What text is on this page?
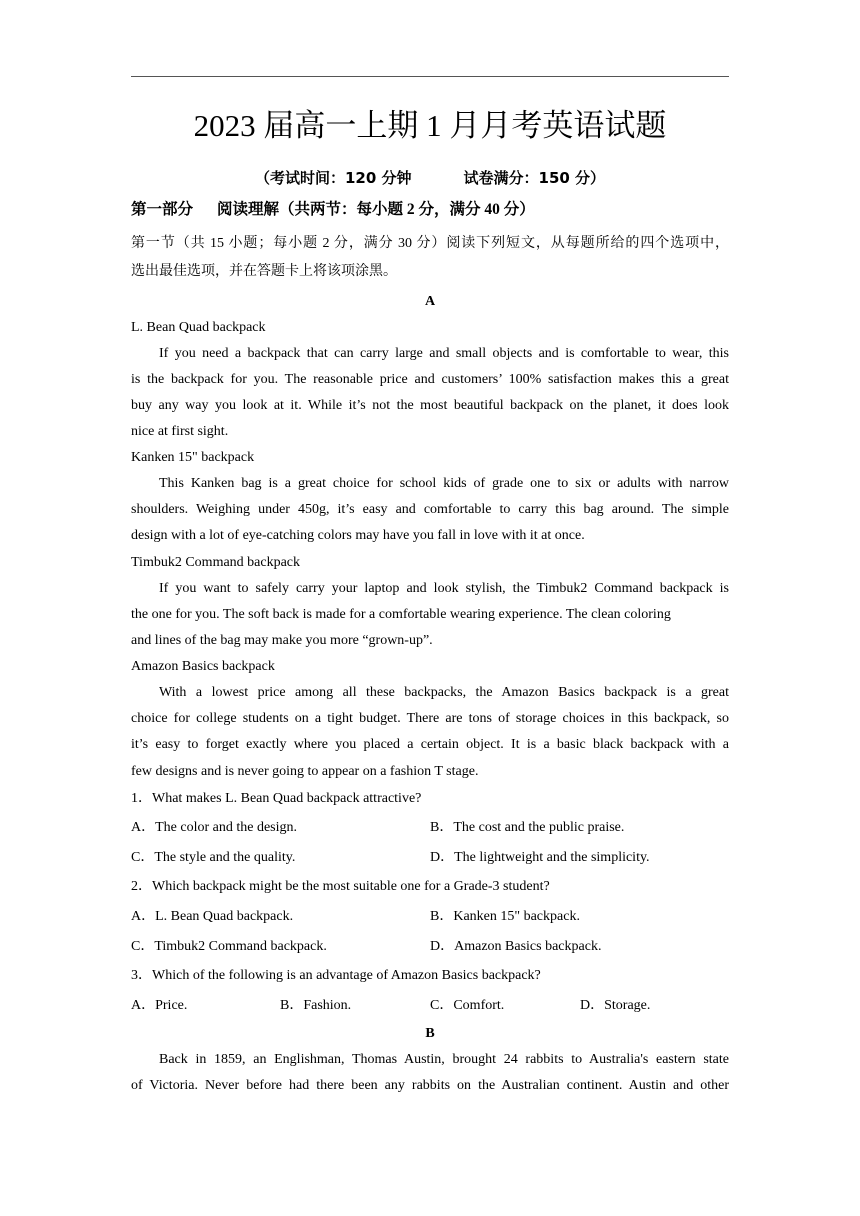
2023 届高一上期 1 月月考英语试题
（考试时间：120 分钟	试卷满分：150 分）
第一部分 阅读理解（共两节：每小题 2 分，满分 40 分）
第一节（共 15 小题；每小题 2 分，满分 30 分）阅读下列短文，从每题所给的四个选项中，
选出最佳选项，并在答题卡上将该项涂黑。
A
L. Bean Quad backpack
If you need a backpack that can carry large and small objects and is comfortable to wear, this
is the backpack for you. The reasonable price and customers’ 100% satisfaction makes this a great
buy any way you look at it. While it’s not the most beautiful backpack on the planet, it does look
nice at first sight.
Kanken 15" backpack
This Kanken bag is a great choice for school kids of grade one to six or adults with narrow
shoulders. Weighing under 450g, it’s easy and comfortable to carry this bag around. The simple
design with a lot of eye-catching colors may have you fall in love with it at once.
Timbuk2 Command backpack
If you want to safely carry your laptop and look stylish, the Timbuk2 Command backpack is
the one for you. The soft back is made for a comfortable wearing experience. The clean coloring
and lines of the bag may make you more “grown-up”.
Amazon Basics backpack
With a lowest price among all these backpacks, the Amazon Basics backpack is a great
choice for college students on a tight budget. There are tons of storage choices in this backpack, so
it’s easy to forget exactly where you placed a certain object. It is a basic black backpack with a
few designs and is never going to appear on a fashion T stage.
1．What makes L. Bean Quad backpack attractive?
A．The color and the design.	B．The cost and the public praise.
C．The style and the quality.	D．The lightweight and the simplicity.
2．Which backpack might be the most suitable one for a Grade-3 student?
A．L. Bean Quad backpack.	B．Kanken 15" backpack.
C．Timbuk2 Command backpack.	D．Amazon Basics backpack.
3．Which of the following is an advantage of Amazon Basics backpack?
A．Price.	B．Fashion.	C．Comfort.	D．Storage.
B
Back in 1859, an Englishman, Thomas Austin, brought 24 rabbits to Australia's eastern state
of Victoria. Never before had there been any rabbits on the Australian continent. Austin and other
